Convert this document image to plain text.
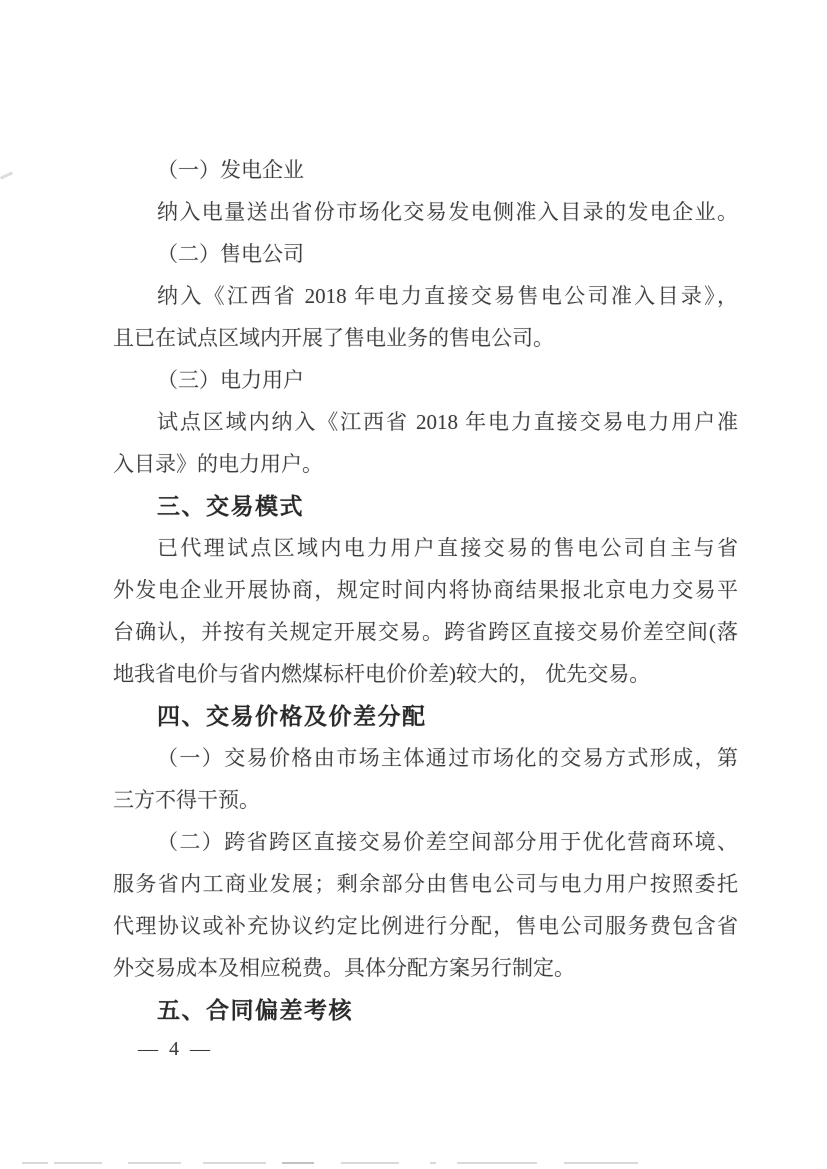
（一）发电企业
纳入电量送出省份市场化交易发电侧准入目录的发电企业。
（二）售电公司
纳入《江西省 2018 年电力直接交易售电公司准入目录》，
且已在试点区域内开展了售电业务的售电公司。
（三）电力用户
试点区域内纳入《江西省 2018 年电力直接交易电力用户准
入目录》的电力用户。
三、交易模式
已代理试点区域内电力用户直接交易的售电公司自主与省
外发电企业开展协商，规定时间内将协商结果报北京电力交易平
台确认，并按有关规定开展交易。跨省跨区直接交易价差空间(落
地我省电价与省内燃煤标杆电价价差)较大的， 优先交易。
四、交易价格及价差分配
（一）交易价格由市场主体通过市场化的交易方式形成，第
三方不得干预。
（二）跨省跨区直接交易价差空间部分用于优化营商环境、
服务省内工商业发展；剩余部分由售电公司与电力用户按照委托
代理协议或补充协议约定比例进行分配，售电公司服务费包含省
外交易成本及相应税费。具体分配方案另行制定。
五、合同偏差考核
— 4 —
